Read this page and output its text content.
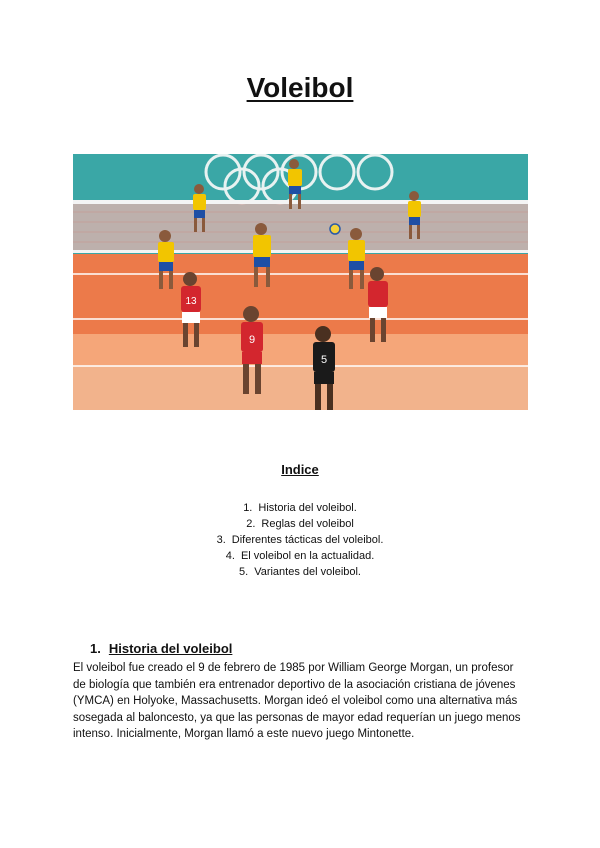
Voleibol
13
9
5
Indice
1. Historia del voleibol.
2. Reglas del voleibol
3. Diferentes tácticas del voleibol.
4. El voleibol en la actualidad.
5. Variantes del voleibol.
1. Historia del voleibol

El voleibol fue creado el 9 de febrero de 1985 por William George Morgan, un profesor de biología que también era entrenador deportivo de la asociación cristiana de jóvenes (YMCA) en Holyoke, Massachusetts. Morgan ideó el voleibol como una alternativa más sosegada al baloncesto, ya que las personas de mayor edad requerían un juego menos intenso. Inicialmente, Morgan llamó a este nuevo juego Mintonette.
